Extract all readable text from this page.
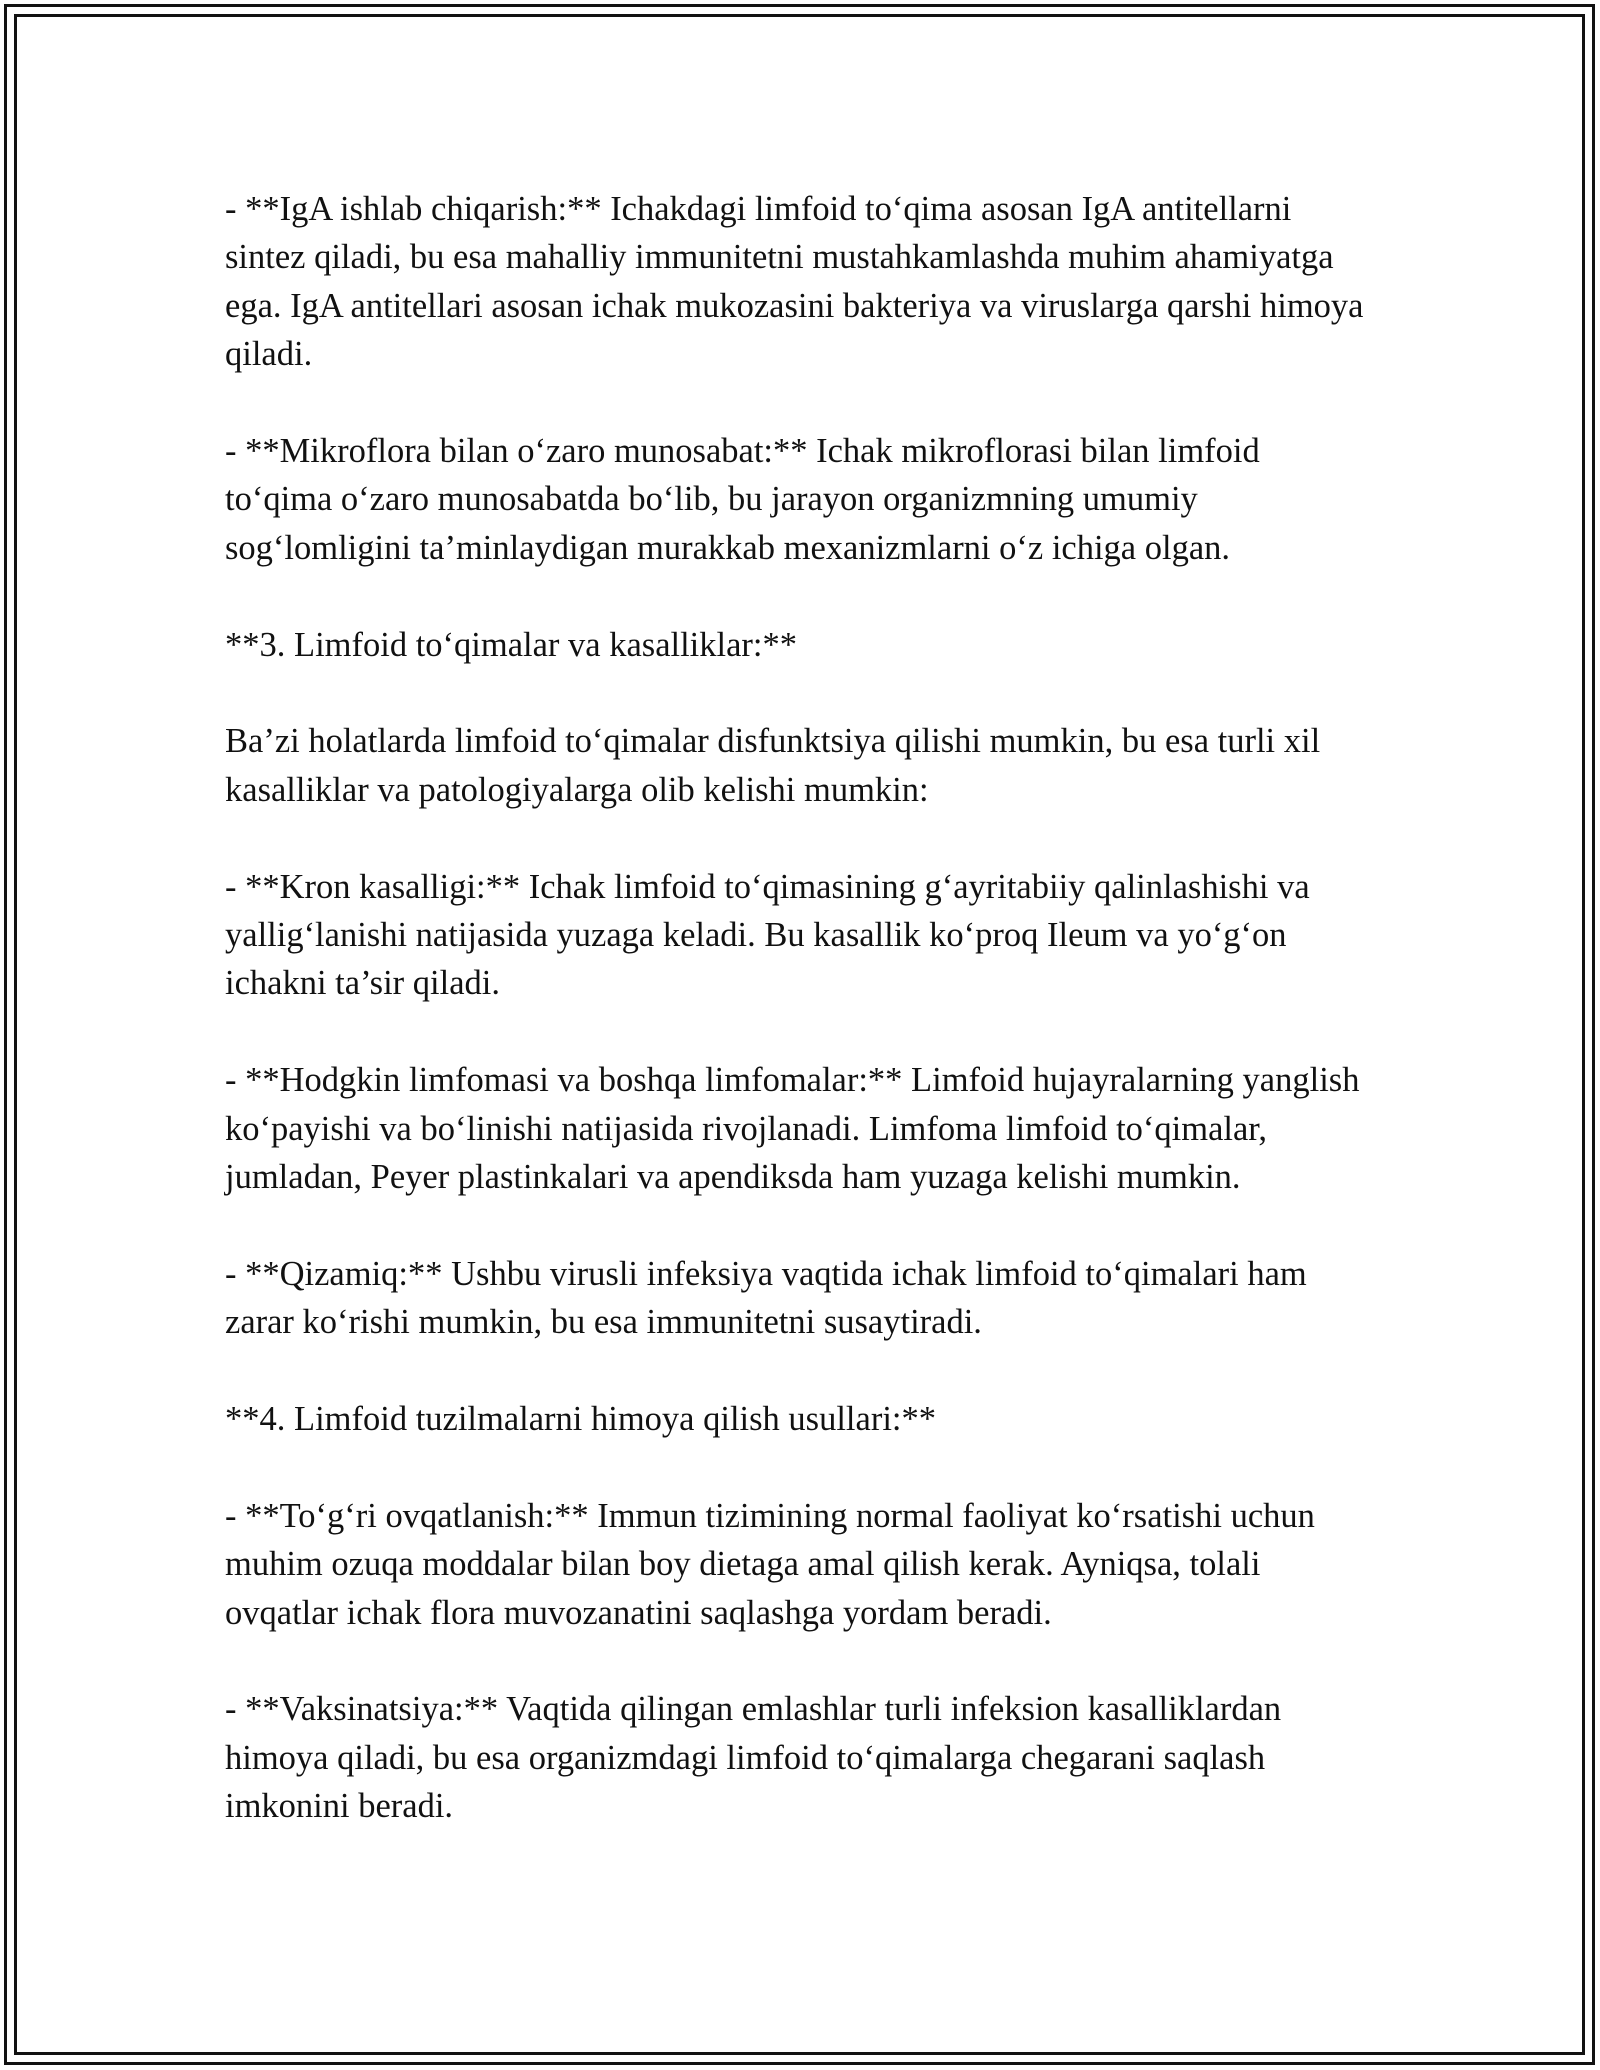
- **IgA ishlab chiqarish:** Ichakdagi limfoid to‘qima asosan IgA antitellarni sintez qiladi, bu esa mahalliy immunitetni mustahkamlashda muhim ahamiyatga ega. IgA antitellari asosan ichak mukozasini bakteriya va viruslarga qarshi himoya qiladi.

- **Mikroflora bilan o‘zaro munosabat:** Ichak mikroflorasi bilan limfoid to‘qima o‘zaro munosabatda bo‘lib, bu jarayon organizmning umumiy sog‘lomligini ta’minlaydigan murakkab mexanizmlarni o‘z ichiga olgan.

**3. Limfoid to‘qimalar va kasalliklar:**

Ba’zi holatlarda limfoid to‘qimalar disfunktsiya qilishi mumkin, bu esa turli xil kasalliklar va patologiyalarga olib kelishi mumkin:

- **Kron kasalligi:** Ichak limfoid to‘qimasining g‘ayritabiiy qalinlashishi va yallig‘lanishi natijasida yuzaga keladi. Bu kasallik ko‘proq Ileum va yo‘g‘on ichakni ta’sir qiladi.

- **Hodgkin limfomasi va boshqa limfomalar:** Limfoid hujayralarning yanglish ko‘payishi va bo‘linishi natijasida rivojlanadi. Limfoma limfoid to‘qimalar, jumladan, Peyer plastinkalari va apendiksda ham yuzaga kelishi mumkin.

- **Qizamiq:** Ushbu virusli infeksiya vaqtida ichak limfoid to‘qimalari ham zarar ko‘rishi mumkin, bu esa immunitetni susaytiradi.

**4. Limfoid tuzilmalarni himoya qilish usullari:**

- **To‘g‘ri ovqatlanish:** Immun tizimining normal faoliyat ko‘rsatishi uchun muhim ozuqa moddalar bilan boy dietaga amal qilish kerak. Ayniqsa, tolali ovqatlar ichak flora muvozanatini saqlashga yordam beradi.

- **Vaksinatsiya:** Vaqtida qilingan emlashlar turli infeksion kasalliklardan himoya qiladi, bu esa organizmdagi limfoid to‘qimalarga chegarani saqlash imkonini beradi.
